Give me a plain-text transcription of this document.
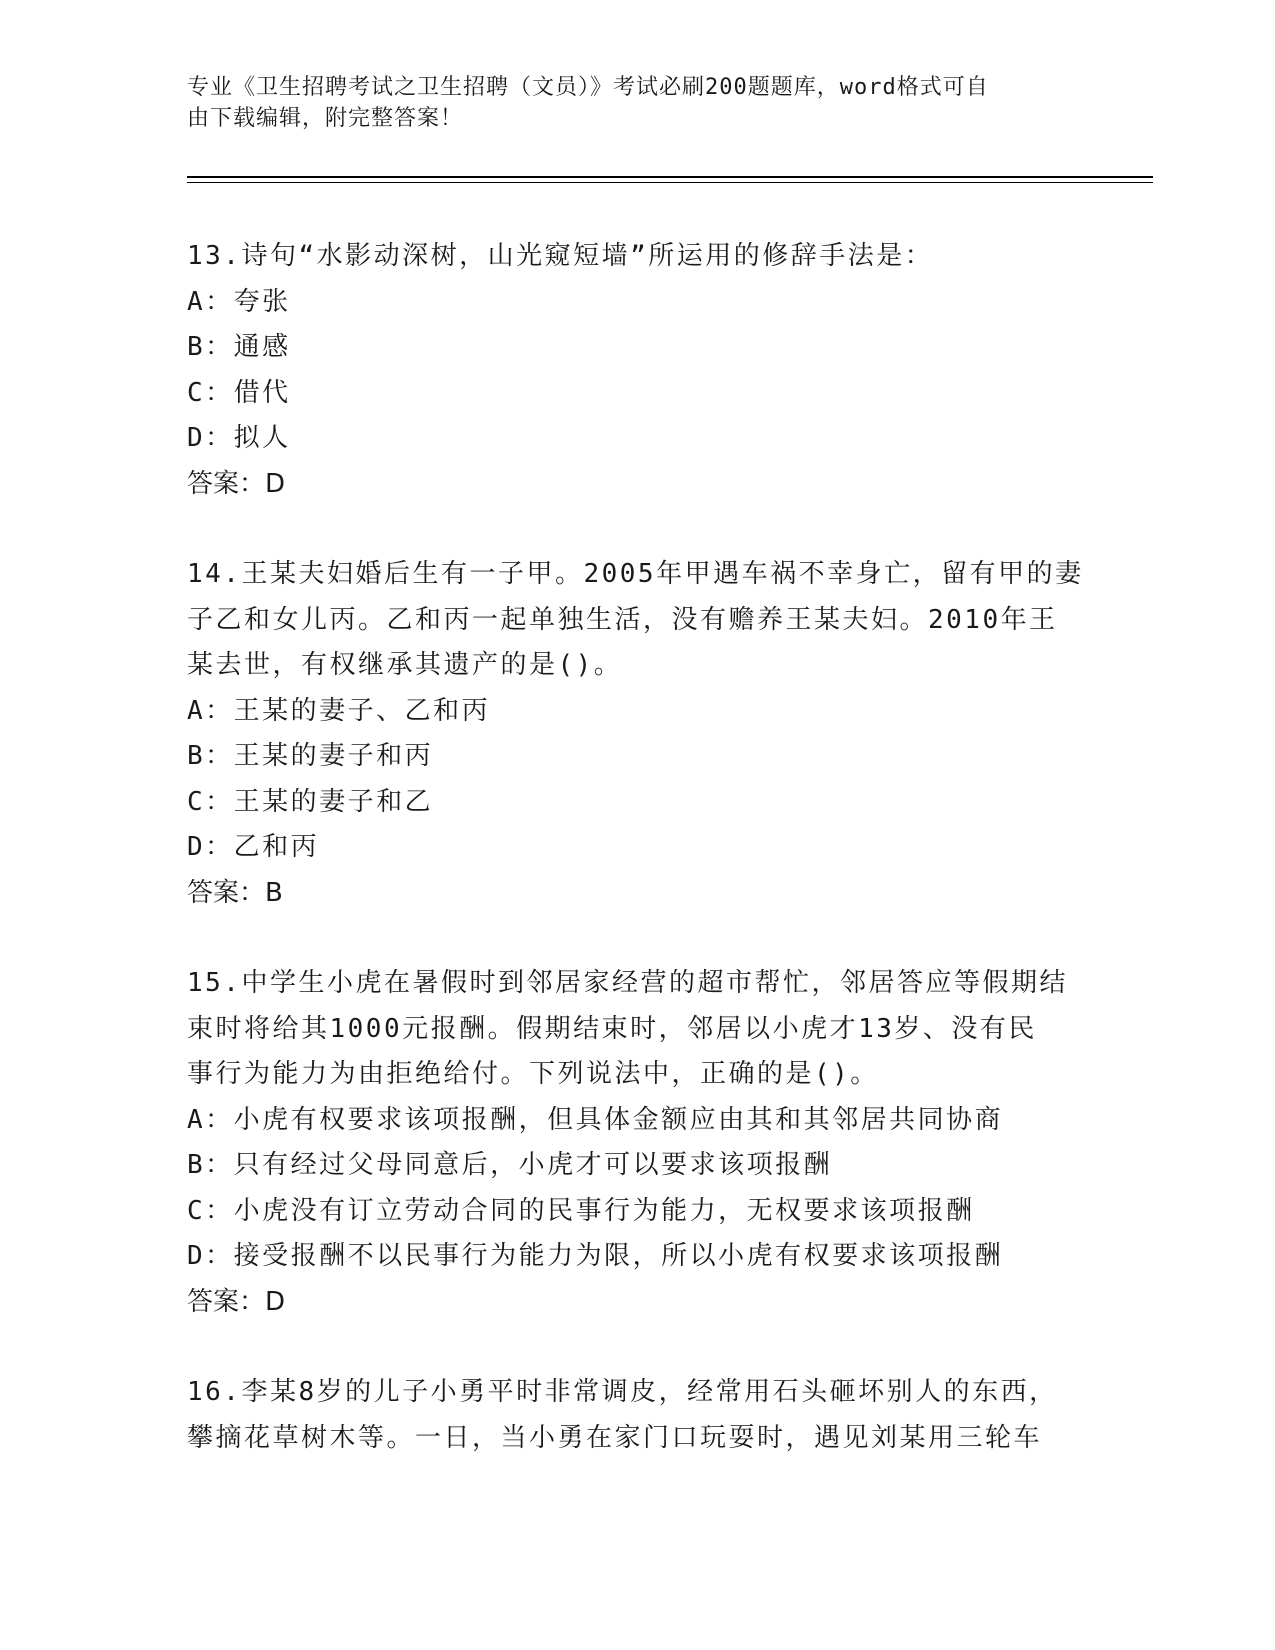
专业《卫生招聘考试之卫生招聘（文员）》考试必刷200题题库，word格式可自
由下载编辑，附完整答案！

13.诗句“水影动深树，山光窥短墙”所运用的修辞手法是：

A：夸张

B：通感

C：借代

D：拟人

答案：D

14.王某夫妇婚后生有一子甲。2005年甲遇车祸不幸身亡，留有甲的妻

子乙和女儿丙。乙和丙一起单独生活，没有赡养王某夫妇。2010年王

某去世，有权继承其遗产的是()。

A：王某的妻子、乙和丙

B：王某的妻子和丙

C：王某的妻子和乙

D：乙和丙

答案：B

15.中学生小虎在暑假时到邻居家经营的超市帮忙，邻居答应等假期结

束时将给其1000元报酬。假期结束时，邻居以小虎才13岁、没有民

事行为能力为由拒绝给付。下列说法中，正确的是()。

A：小虎有权要求该项报酬，但具体金额应由其和其邻居共同协商

B：只有经过父母同意后，小虎才可以要求该项报酬

C：小虎没有订立劳动合同的民事行为能力，无权要求该项报酬

D：接受报酬不以民事行为能力为限，所以小虎有权要求该项报酬

答案：D

16.李某8岁的儿子小勇平时非常调皮，经常用石头砸坏别人的东西，

攀摘花草树木等。一日，当小勇在家门口玩耍时，遇见刘某用三轮车
